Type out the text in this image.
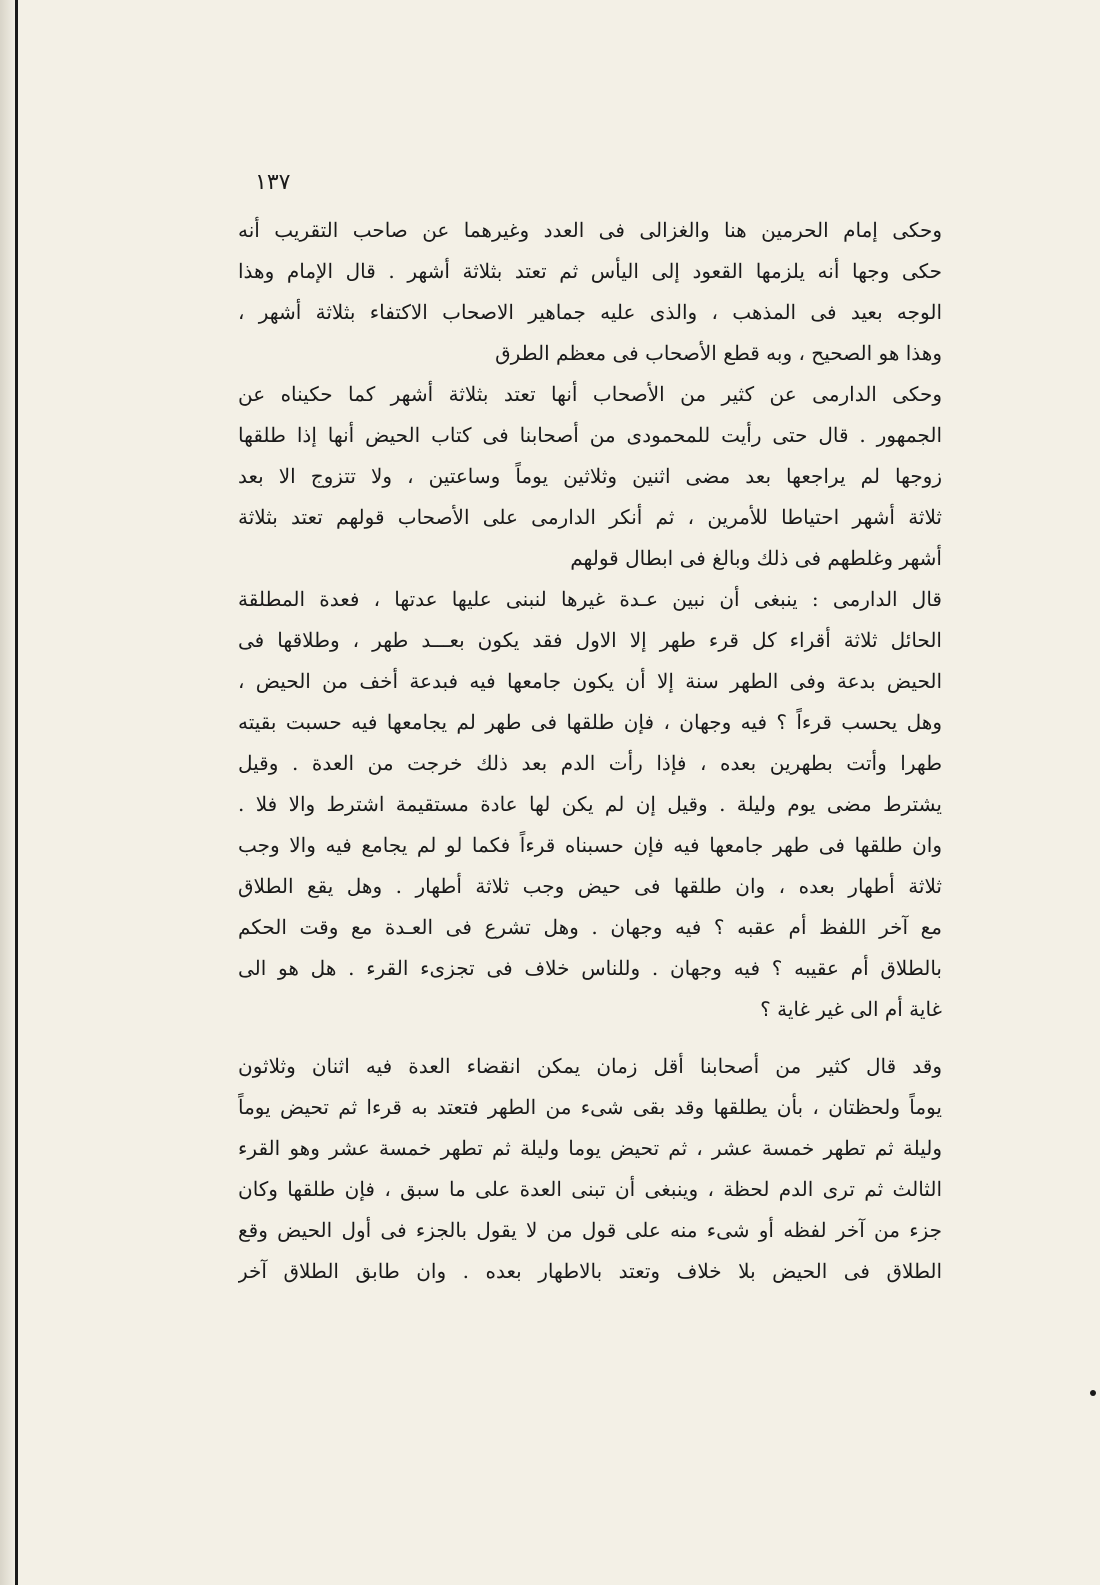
١٣٧
وحكى إمام الحرمين هنا والغزالى فى العدد وغيرهما عن صاحب التقريب أنه
حكى وجها أنه يلزمها القعود إلى اليأس ثم تعتد بثلاثة أشهر . قال الإمام وهذا
الوجه بعيد فى المذهب ، والذى عليه جماهير الاصحاب الاكتفاء بثلاثة أشهر ،
وهذا هو الصحيح ، وبه قطع الأصحاب فى معظم الطرق
وحكى الدارمى عن كثير من الأصحاب أنها تعتد بثلاثة أشهر كما حكيناه عن
الجمهور . قال حتى رأيت للمحمودى من أصحابنا فى كتاب الحيض أنها إذا طلقها
زوجها لم يراجعها بعد مضى اثنين وثلاثين يوماً وساعتين ، ولا تتزوج الا بعد
ثلاثة أشهر احتياطا للأمرين ، ثم أنكر الدارمى على الأصحاب قولهم تعتد بثلاثة
أشهر وغلطهم فى ذلك وبالغ فى ابطال قولهم
قال الدارمى : ينبغى أن نبين عـدة غيرها لنبنى عليها عدتها ، فعدة المطلقة
الحائل ثلاثة أقراء كل قرء طهر إلا الاول فقد يكون بعـــد طهر ، وطلاقها فى
الحيض بدعة وفى الطهر سنة إلا أن يكون جامعها فيه فبدعة أخف من الحيض ،
وهل يحسب قرءاً ؟ فيه وجهان ، فإن طلقها فى طهر لم يجامعها فيه حسبت بقيته
طهرا وأتت بطهرين بعده ، فإذا رأت الدم بعد ذلك خرجت من العدة . وقيل
يشترط مضى يوم وليلة . وقيل إن لم يكن لها عادة مستقيمة اشترط والا فلا .
وان طلقها فى طهر جامعها فيه فإن حسبناه قرءاً فكما لو لم يجامع فيه والا وجب
ثلاثة أطهار بعده ، وان طلقها فى حيض وجب ثلاثة أطهار . وهل يقع الطلاق
مع آخر اللفظ أم عقبه ؟ فيه وجهان . وهل تشرع فى العـدة مع وقت الحكم
بالطلاق أم عقيبه ؟ فيه وجهان . وللناس خلاف فى تجزىء القرء . هل هو الى
غاية أم الى غير غاية ؟
وقد قال كثير من أصحابنا أقل زمان يمكن انقضاء العدة فيه اثنان وثلاثون
يوماً ولحظتان ، بأن يطلقها وقد بقى شىء من الطهر فتعتد به قرءا ثم تحيض يوماً
وليلة ثم تطهر خمسة عشر ، ثم تحيض يوما وليلة ثم تطهر خمسة عشر وهو القرء
الثالث ثم ترى الدم لحظة ، وينبغى أن تبنى العدة على ما سبق ، فإن طلقها وكان
جزء من آخر لفظه أو شىء منه على قول من لا يقول بالجزء فى أول الحيض وقع
الطلاق فى الحيض بلا خلاف وتعتد بالاطهار بعده . وان طابق الطلاق آخر
